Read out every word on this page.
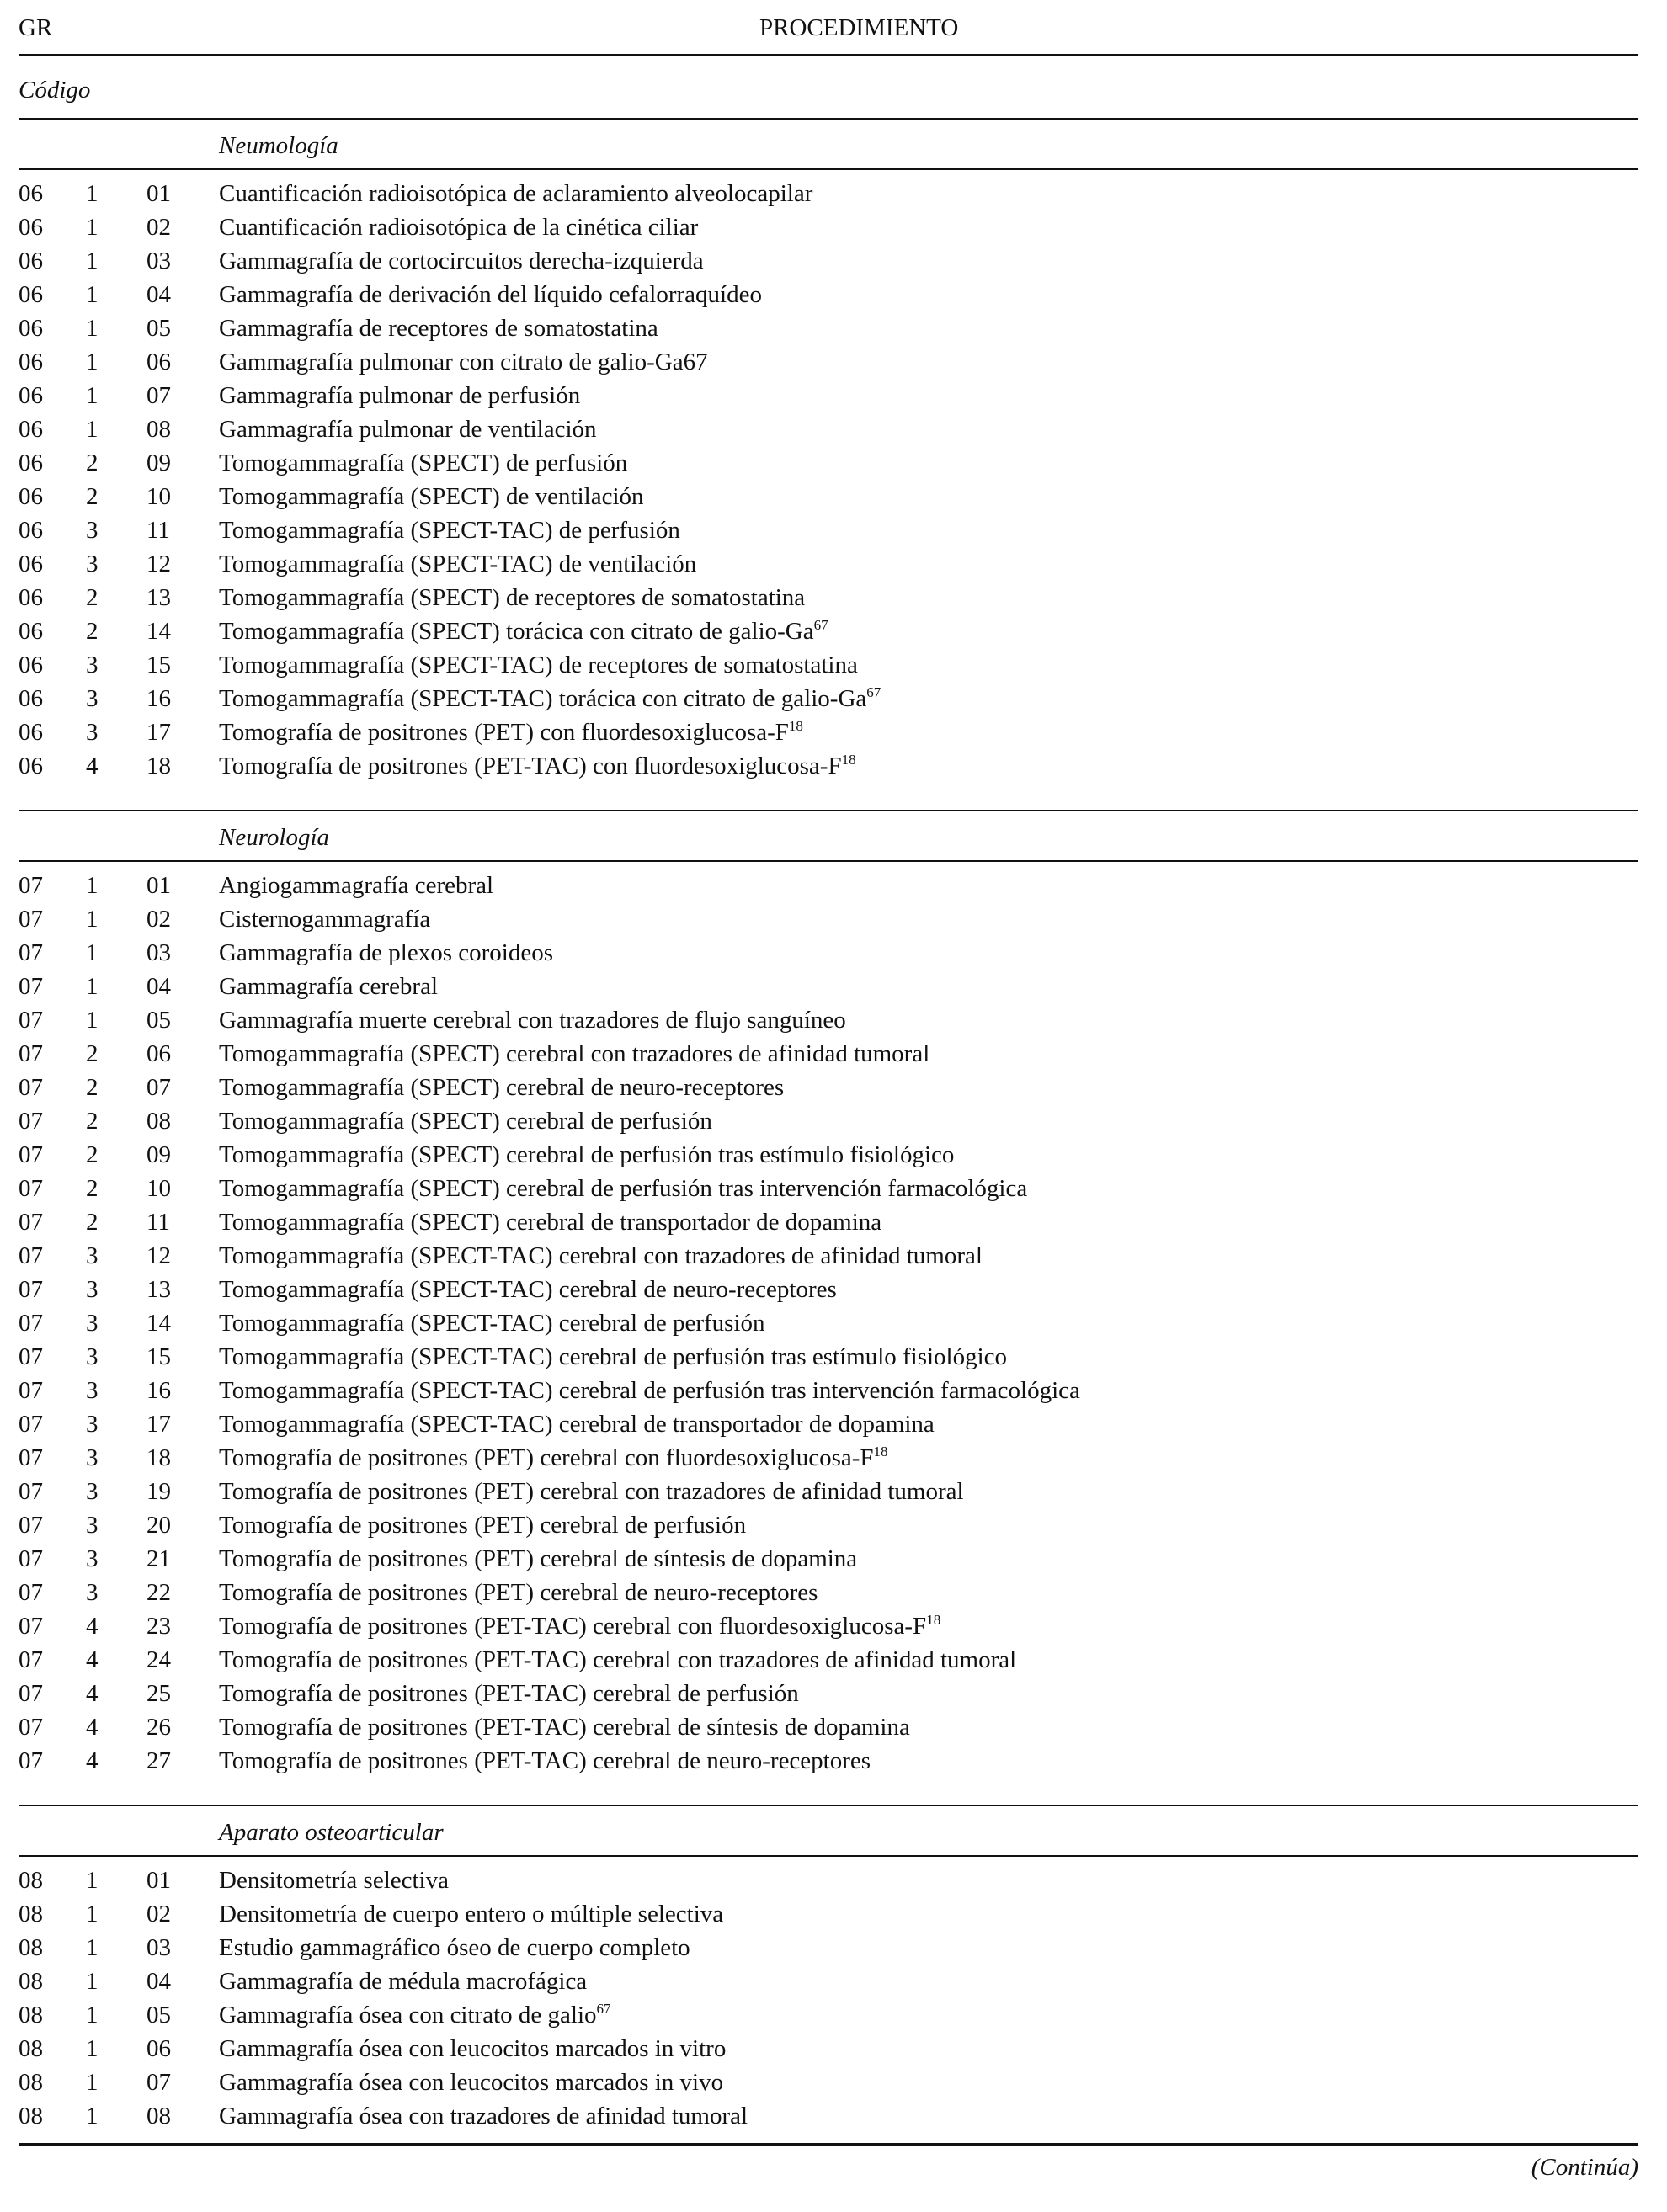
GR	PROCEDIMIENTO
Código
Neumología
06	1	01	Cuantificación radioisotópica de aclaramiento alveolocapilar
06	1	02	Cuantificación radioisotópica de la cinética ciliar
06	1	03	Gammagrafía de cortocircuitos derecha-izquierda
06	1	04	Gammagrafía de derivación del líquido cefalorraquídeo
06	1	05	Gammagrafía de receptores de somatostatina
06	1	06	Gammagrafía pulmonar con citrato de galio-Ga67
06	1	07	Gammagrafía pulmonar de perfusión
06	1	08	Gammagrafía pulmonar de ventilación
06	2	09	Tomogammagrafía (SPECT) de perfusión
06	2	10	Tomogammagrafía (SPECT) de ventilación
06	3	11	Tomogammagrafía (SPECT-TAC) de perfusión
06	3	12	Tomogammagrafía (SPECT-TAC) de ventilación
06	2	13	Tomogammagrafía (SPECT) de receptores de somatostatina
06	2	14	Tomogammagrafía (SPECT) torácica con citrato de galio-Ga$^{67}$
06	3	15	Tomogammagrafía (SPECT-TAC) de receptores de somatostatina
06	3	16	Tomogammagrafía (SPECT-TAC) torácica con citrato de galio-Ga$^{67}$
06	3	17	Tomografía de positrones (PET) con fluordesoxiglucosa-$F^{18}$
06	4	18	Tomografía de positrones (PET-TAC) con fluordesoxiglucosa-$F^{18}$
Neurología
07	1	01	Angiogammagrafía cerebral
07	1	02	Cisternogammagrafía
07	1	03	Gammagrafía de plexos coroideos
07	1	04	Gammagrafía cerebral
07	1	05	Gammagrafía muerte cerebral con trazadores de flujo sanguíneo
07	2	06	Tomogammagrafía (SPECT) cerebral con trazadores de afinidad tumoral
07	2	07	Tomogammagrafía (SPECT) cerebral de neuro-receptores
07	2	08	Tomogammagrafía (SPECT) cerebral de perfusión
07	2	09	Tomogammagrafía (SPECT) cerebral de perfusión tras estímulo fisiológico
07	2	10	Tomogammagrafía (SPECT) cerebral de perfusión tras intervención farmacológica
07	2	11	Tomogammagrafía (SPECT) cerebral de transportador de dopamina
07	3	12	Tomogammagrafía (SPECT-TAC) cerebral con trazadores de afinidad tumoral
07	3	13	Tomogammagrafía (SPECT-TAC) cerebral de neuro-receptores
07	3	14	Tomogammagrafía (SPECT-TAC) cerebral de perfusión
07	3	15	Tomogammagrafía (SPECT-TAC) cerebral de perfusión tras estímulo fisiológico
07	3	16	Tomogammagrafía (SPECT-TAC) cerebral de perfusión tras intervención farmacológica
07	3	17	Tomogammagrafía (SPECT-TAC) cerebral de transportador de dopamina
07	3	18	Tomografía de positrones (PET) cerebral con fluordesoxiglucosa-$F^{18}$
07	3	19	Tomografía de positrones (PET) cerebral con trazadores de afinidad tumoral
07	3	20	Tomografía de positrones (PET) cerebral de perfusión
07	3	21	Tomografía de positrones (PET) cerebral de síntesis de dopamina
07	3	22	Tomografía de positrones (PET) cerebral de neuro-receptores
07	4	23	Tomografía de positrones (PET-TAC) cerebral con fluordesoxiglucosa-$F^{18}$
07	4	24	Tomografía de positrones (PET-TAC) cerebral con trazadores de afinidad tumoral
07	4	25	Tomografía de positrones (PET-TAC) cerebral de perfusión
07	4	26	Tomografía de positrones (PET-TAC) cerebral de síntesis de dopamina
07	4	27	Tomografía de positrones (PET-TAC) cerebral de neuro-receptores
Aparato osteoarticular
08	1	01	Densitometría selectiva
08	1	02	Densitometría de cuerpo entero o múltiple selectiva
08	1	03	Estudio gammagráfico óseo de cuerpo completo
08	1	04	Gammagrafía de médula macrofágica
08	1	05	Gammagrafía ósea con citrato de galio$^{67}$
08	1	06	Gammagrafía ósea con leucocitos marcados in vitro
08	1	07	Gammagrafía ósea con leucocitos marcados in vivo
08	1	08	Gammagrafía ósea con trazadores de afinidad tumoral
(Continúa)
